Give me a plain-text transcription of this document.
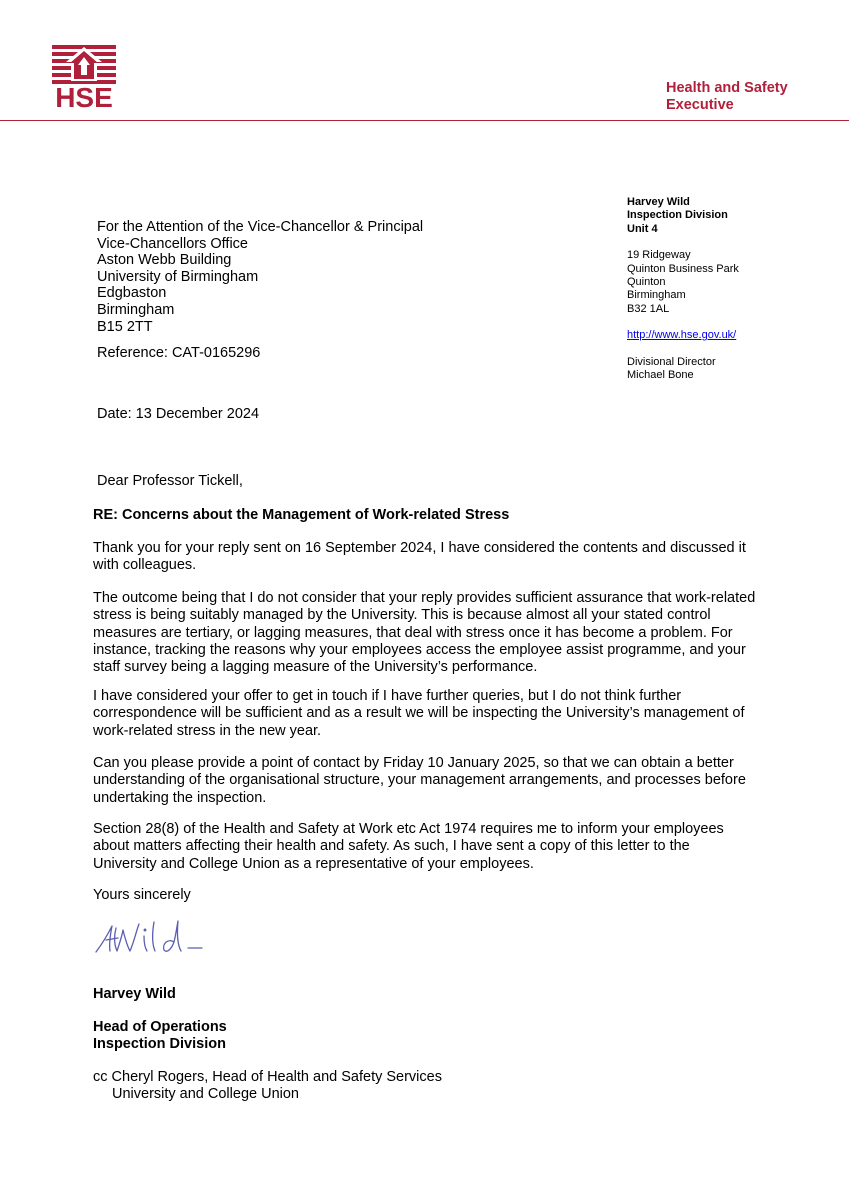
HSE	Health and Safety
Executive
Harvey Wild
Inspection Division
Unit 4
19 Ridgeway
Quinton Business Park
Quinton
Birmingham
B32 1AL
http://www.hse.gov.uk/
Divisional Director
Michael Bone
For the Attention of the Vice-Chancellor & Principal
Vice-Chancellors Office
Aston Webb Building
University of Birmingham
Edgbaston
Birmingham
B15 2TT
Reference: CAT-0165296
Date: 13 December 2024
Dear Professor Tickell,
RE: Concerns about the Management of Work-related Stress
Thank you for your reply sent on 16 September 2024, I have considered the contents and discussed it
with colleagues.
The outcome being that I do not consider that your reply provides sufficient assurance that work-related
stress is being suitably managed by the University. This is because almost all your stated control
measures are tertiary, or lagging measures, that deal with stress once it has become a problem. For
instance, tracking the reasons why your employees access the employee assist programme, and your
staff survey being a lagging measure of the University’s performance.
I have considered your offer to get in touch if I have further queries, but I do not think further
correspondence will be sufficient and as a result we will be inspecting the University’s management of
work-related stress in the new year.
Can you please provide a point of contact by Friday 10 January 2025, so that we can obtain a better
understanding of the organisational structure, your management arrangements, and processes before
undertaking the inspection.
Section 28(8) of the Health and Safety at Work etc Act 1974 requires me to inform your employees
about matters affecting their health and safety. As such, I have sent a copy of this letter to the
University and College Union as a representative of your employees.
Yours sincerely
Harvey Wild
Head of Operations
Inspection Division
cc Cheryl Rogers, Head of Health and Safety Services
University and College Union
